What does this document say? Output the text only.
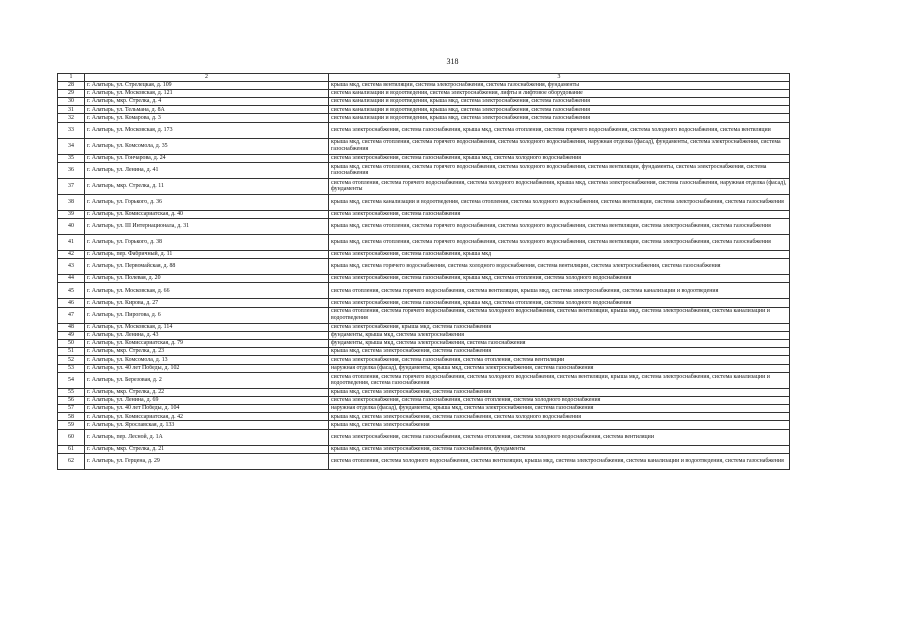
318
1	2	3
28	г. Алатырь, ул. Стрелецкая, д. 109	крыша мкд, система вентиляции, система электроснабжения, система газоснабжения, фундаменты
29	г. Алатырь, ул. Московская, д. 121	система канализации и водоотведения, система электроснабжения, лифты и лифтовое оборудование
30	г. Алатырь, мкр. Стрелка, д. 4	система канализации и водоотведения, крыша мкд, система электроснабжения, система газоснабжения
31	г. Алатырь, ул. Тельмана, д. 8А	система канализации и водоотведения, крыша мкд, система электроснабжения, система газоснабжения
32	г. Алатырь, ул. Комарова, д. 3	система канализации и водоотведения, крыша мкд, система электроснабжения, система газоснабжения
33	г. Алатырь, ул. Московская, д. 173	система электроснабжения, система газоснабжения, крыша мкд, система отопления, система горячего водоснабжения, система холодного водоснабжения, система вентиляции
34	г. Алатырь, ул. Комсомола, д. 35	крыша мкд, система отопления, система горячего водоснабжения, система холодного водоснабжения, наружная отделка (фасад), фундаменты, система электроснабжения, система газоснабжения
35	г. Алатырь, ул. Гончарова, д. 24	система электроснабжения, система газоснабжения, крыша мкд, система холодного водоснабжения
36	г. Алатырь, ул. Ленина, д. 41	крыша мкд, система отопления, система горячего водоснабжения, система холодного водоснабжения, система вентиляции, фундаменты, система электроснабжения, система газоснабжения
37	г. Алатырь, мкр. Стрелка, д. 11	система отопления, система горячего водоснабжения, система холодного водоснабжения, крыша мкд, система электроснабжения, система газоснабжения, наружная отделка (фасад), фундаменты
38	г. Алатырь, ул. Горького, д. 36	крыша мкд, система канализации и водоотведения, система отопления, система холодного водоснабжения, система вентиляции, система электроснабжения, система газоснабжения
39	г. Алатырь, ул. Комиссариатская, д. 40	система электроснабжения, система газоснабжения
40	г. Алатырь, ул. III Интернационала, д. 31	крыша мкд, система отопления, система горячего водоснабжения, система холодного водоснабжения, система вентиляции, система электроснабжения, система газоснабжения
41	г. Алатырь, ул. Горького, д. 38	крыша мкд, система отопления, система горячего водоснабжения, система холодного водоснабжения, система вентиляции, система электроснабжения, система газоснабжения
42	г. Алатырь, пер. Фабричный, д. 11	система электроснабжения, система газоснабжения, крыша мкд
43	г. Алатырь, ул. Первомайская, д. 88	крыша мкд, система горячего водоснабжения, система холодного водоснабжения, система вентиляции, система электроснабжения, система газоснабжения
44	г. Алатырь, ул. Полевая, д. 20	система электроснабжения, система газоснабжения, крыша мкд, система отопления, система холодного водоснабжения
45	г. Алатырь, ул. Московская, д. 66	система отопления, система горячего водоснабжения, система вентиляции, крыша мкд, система электроснабжения, система канализации и водоотведения
46	г. Алатырь, ул. Кирова, д. 27	система электроснабжения, система газоснабжения, крыша мкд, система отопления, система холодного водоснабжения
47	г. Алатырь, ул. Пирогова, д. 6	система отопления, система горячего водоснабжения, система холодного водоснабжения, система вентиляции, крыша мкд, система электроснабжения, система канализации и водоотведения
48	г. Алатырь, ул. Московская, д. 114	система электроснабжения, крыша мкд, система газоснабжения
49	г. Алатырь, ул. Ленина, д. 43	фундаменты, крыша мкд, система электроснабжения
50	г. Алатырь, ул. Комиссариатская, д. 79	фундаменты, крыша мкд, система электроснабжения, система газоснабжения
51	г. Алатырь, мкр. Стрелка, д. 23	крыша мкд, система электроснабжения, система газоснабжения
52	г. Алатырь, ул. Комсомола, д. 13	система электроснабжения, система газоснабжения, система отопления, система вентиляции
53	г. Алатырь, ул. 40 лет Победы, д. 102	наружная отделка (фасад), фундаменты, крыша мкд, система электроснабжения, система газоснабжения
54	г. Алатырь, ул. Березовая, д. 2	система отопления, система горячего водоснабжения, система холодного водоснабжения, система вентиляции, крыша мкд, система электроснабжения, система канализации и водоотведения, система газоснабжения
55	г. Алатырь, мкр. Стрелка, д. 22	крыша мкд, система электроснабжения, система газоснабжения
56	г. Алатырь, ул. Ленина, д. 69	система электроснабжения, система газоснабжения, система отопления, система холодного водоснабжения
57	г. Алатырь, ул. 40 лет Победы, д. 104	наружная отделка (фасад), фундаменты, крыша мкд, система электроснабжения, система газоснабжения
58	г. Алатырь, ул. Комиссариатская, д. 42	крыша мкд, система электроснабжения, система газоснабжения, система холодного водоснабжения
59	г. Алатырь, ул. Ярославская, д. 133	крыша мкд, система электроснабжения
60	г. Алатырь, пер. Лесной, д. 1А	система электроснабжения, система газоснабжения, система отопления, система холодного водоснабжения, система вентиляции
61	г. Алатырь, мкр. Стрелка, д. 21	крыша мкд, система электроснабжения, система газоснабжения, фундаменты
62	г. Алатырь, ул. Герцена, д. 29	система отопления, система холодного водоснабжения, система вентиляции, крыша мкд, система электроснабжения, система канализации и водоотведения, система газоснабжения
